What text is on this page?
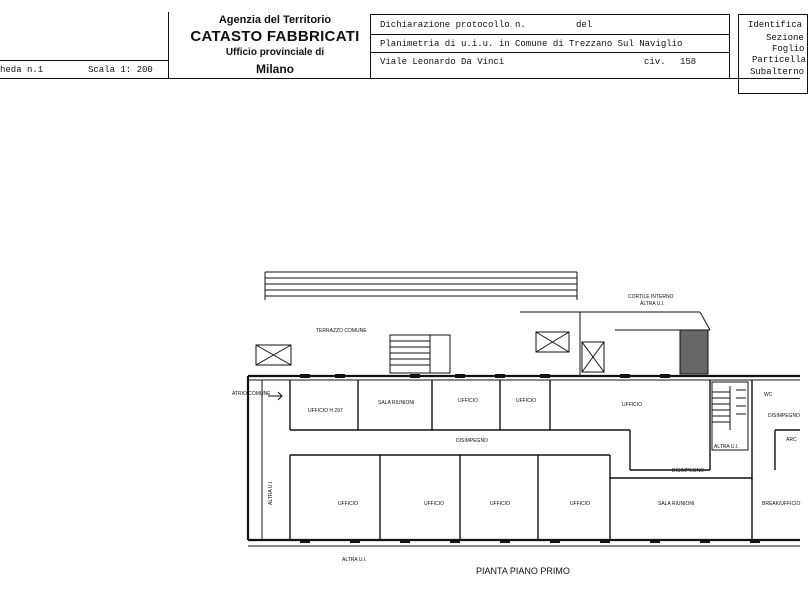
heda n.1	Scala 1: 200
Agenzia del Territorio
CATASTO FABBRICATI
Ufficio provinciale di
Milano
Dichiarazione protocollo n.	del
Planimetria di u.i.u. in Comune di Trezzano Sul Naviglio
Viale Leonardo Da Vinci	civ. 158
Identifica
Sezione
Foglio
Particella
Subalterno
CORTILE INTERNO
ALTRA U.I.
TERRAZZO COMUNE
ATRIO COMUNE
UFFICIO H 297
SALA RIUNIONI	UFFICIO	UFFICIO
UFFICIO
DISIMPEGNO
DISIMPEGNO
DISIMPEGNO
ALTRA U.I.
WC
ARC
ALTRA U.I.	UFFICIO	UFFICIO	UFFICIO	UFFICIO	SALA RIUNIONI	BREAK/UFFICIO
ALTRA U.I.
PIANTA PIANO PRIMO
